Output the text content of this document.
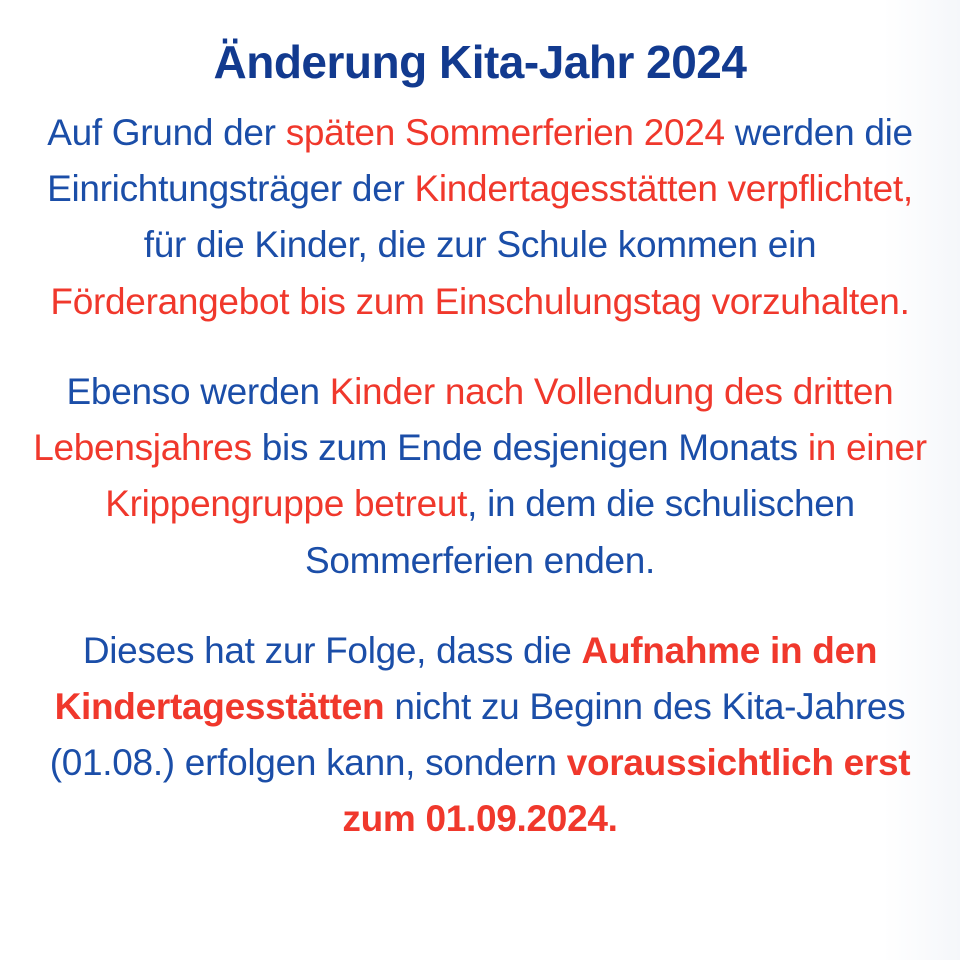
Änderung Kita-Jahr 2024

Auf Grund der späten Sommerferien 2024 werden die Einrichtungsträger der Kindertagesstätten verpflichtet, für die Kinder, die zur Schule kommen ein Förderangebot bis zum Einschulungstag vorzuhalten.

Ebenso werden Kinder nach Vollendung des dritten Lebensjahres bis zum Ende desjenigen Monats in einer Krippengruppe betreut, in dem die schulischen Sommerferien enden.

Dieses hat zur Folge, dass die Aufnahme in den Kindertagesstätten nicht zu Beginn des Kita-Jahres (01.08.) erfolgen kann, sondern voraussichtlich erst zum 01.09.2024.
